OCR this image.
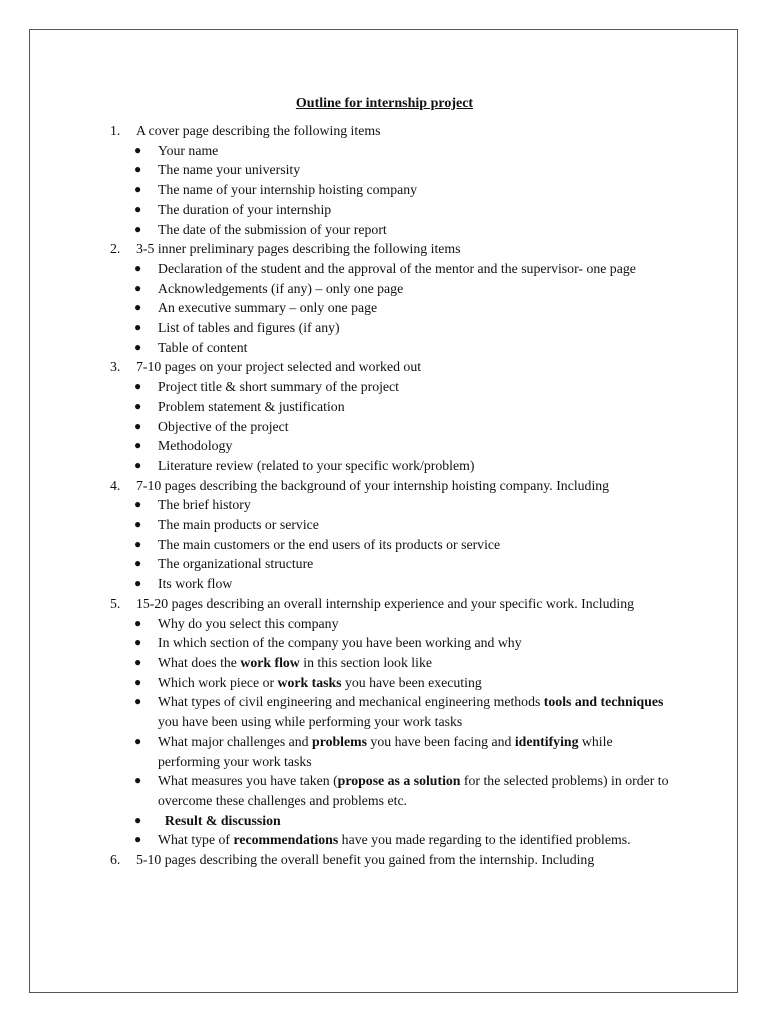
Outline for internship project
1.	A cover page describing the following items
● Your name
● The name your university
● The name of your internship hoisting company
● The duration of your internship
● The date of the submission of your report
2.	3-5 inner preliminary pages describing the following items
● Declaration of the student and the approval of the mentor and the supervisor- one page
● Acknowledgements (if any) – only one page
● An executive summary – only one page
● List of tables and figures (if any)
● Table of content
3.	7-10 pages on your project selected and worked out
● Project title & short summary of the project
● Problem statement & justification
● Objective of the project
● Methodology
● Literature review (related to your specific work/problem)
4.	7-10 pages describing the background of your internship hoisting company. Including
● The brief history
● The main products or service
● The main customers or the end users of its products or service
● The organizational structure
● Its work flow
5.	15-20 pages describing an overall internship experience and your specific work. Including
● Why do you select this company
● In which section of the company you have been working and why
● What does the work flow in this section look like
● Which work piece or work tasks you have been executing
● What types of civil engineering and mechanical engineering methods tools and techniques you have been using while performing your work tasks
● What major challenges and problems you have been facing and identifying while performing your work tasks
● What measures you have taken (propose as a solution for the selected problems) in order to overcome these challenges and problems etc.
● Result & discussion
● What type of recommendations have you made regarding to the identified problems.
6.	5-10 pages describing the overall benefit you gained from the internship. Including
